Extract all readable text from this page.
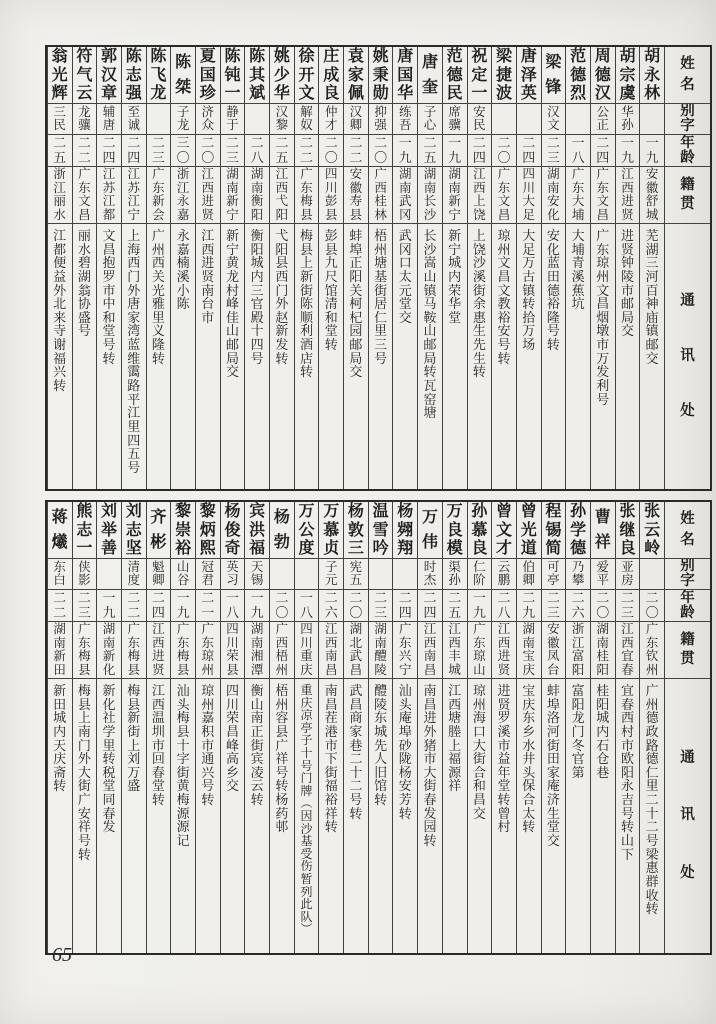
姓
名
别
字
年
龄
籍
贯
通
讯
处
胡
永
林
一
九
安
徽
舒
城
芜
湖
三
河
百
神
庙
镇
邮
交
胡
宗
虞
华
孙
一
九
江
西
进
贤
进
贤
钟
陵
市
邮
局
交
周
德
汉
公
正
二
四
广
东
文
昌
广
东
琼
州
文
昌
烟
墩
市
万
发
利
号
范
德
烈
一
八
广
东
大
埔
大
埔
青
溪
蕉
坑
梁
锋
汉
文
二
三
湖
南
安
化
安
化
蓝
田
德
裕
隆
号
转
唐
泽
英
二
四
四
川
大
足
大
足
万
古
镇
转
拾
万
场
梁
捷
波
二
〇
广
东
文
昌
琼
州
文
昌
文
教
裕
安
号
转
祝
定
一
安
民
二
四
江
西
上
饶
上
饶
沙
溪
街
余
惠
生
先
生
转
范
德
民
席
骥
一
九
湖
南
新
宁
新
宁
城
内
荣
华
堂
唐
奎
子
心
二
五
湖
南
长
沙
长
沙
嵩
山
镇
马
鞍
山
邮
局
转
瓦
窑
塘
唐
国
华
练
吾
一
九
湖
南
武
冈
武
冈
口
太
元
堂
交
姚
秉
勋
抑
强
二
〇
广
西
桂
林
梧
州
塘
基
街
居
仁
里
三
号
袁
家
佩
汉
卿
二
二
安
徽
寿
县
蚌
埠
正
阳
关
柯
杞
园
邮
局
交
庄
成
良
仲
才
二
〇
四
川
彭
县
彭
县
九
尺
馆
清
和
堂
转
徐
开
文
解
奴
二
二
广
东
梅
县
梅
县
上
新
街
陈
顺
利
酒
店
转
姚
少
华
汉
黎
二
五
江
西
弋
阳
弋
阳
县
西
门
外
赵
新
发
转
陈
其
斌
二
八
湖
南
衡
阳
衡
阳
城
内
三
官
殿
十
四
号
陈
钝
一
静
于
二
三
湖
南
新
宁
新
宁
黄
龙
村
峰
佳
山
邮
局
交
夏
国
珍
济
众
二
〇
江
西
进
贤
江
西
进
贤
南
台
市
陈
桀
子
龙
三
〇
浙
江
永
嘉
永
嘉
楠
溪
小
陈
陈
飞
龙
二
三
广
东
新
会
广
州
西
关
光
雅
里
义
隆
转
陈
志
强
至
诚
二
四
江
苏
江
宁
上
海
西
门
外
唐
家
湾
蓝
维
霭
路
平
江
里
四
五
号
郭
汉
章
辅
唐
二
四
江
苏
江
都
文
昌
抱
罗
市
中
和
堂
号
转
符
气
云
龙
骧
二
二
广
东
文
昌
丽
水
碧
湖
翁
协
盛
号
翁
光
辉
三
民
二
五
浙
江
丽
水
江
都
便
益
外
北
来
寺
谢
福
兴
转
姓
名
别
字
年
龄
籍
贯
通
讯
处
张
云
岭
二
〇
广
东
钦
州
广
州
德
政
路
德
仁
里
二
十
二
号
梁
惠
群
收
转
张
继
良
亚
房
二
三
江
西
宜
春
宜
春
西
村
市
欧
阳
永
吉
号
转
山
下
曹
祥
爱
平
二
〇
湖
南
桂
阳
桂
阳
城
内
石
仓
巷
孙
学
德
乃
攀
二
六
浙
江
富
阳
富
阳
龙
门
冬
官
第
程
锡
简
可
亭
二
三
安
徽
凤
台
蚌
埠
洛
河
街
田
家
庵
济
生
堂
交
曾
光
道
伯
卿
二
九
湖
南
宝
庆
宝
庆
东
乡
水
井
头
保
合
太
转
曾
文
才
云
鹏
二
八
江
西
进
贤
进
贤
罗
溪
市
益
年
堂
转
曾
村
孙
慕
良
仁
阶
一
九
广
东
琼
山
琼
州
海
口
大
街
合
和
昌
交
万
良
模
渠
孙
二
五
江
西
丰
城
江
西
塘
塍
上
福
源
祥
万
伟
时
杰
二
四
江
西
南
昌
南
昌
进
外
猪
市
大
街
春
发
园
转
杨
翙
翔
二
四
广
东
兴
宁
汕
头
庵
埠
砂
陇
杨
安
芳
转
温
雪
吟
二
三
湖
南
醴
陵
醴
陵
东
城
先
人
旧
馆
转
杨
敦
三
宪
五
二
〇
湖
北
武
昌
武
昌
商
家
巷
二
十
二
号
转
万
慕
贞
子
元
二
六
江
西
南
昌
南
昌
茬
港
市
下
街
福
裕
祥
转
万
公
度
一
八
四
川
重
庆
重
庆
凉
亭
子
十
号
门
牌
︵
因
沙
基
受
伤
暂
列
此
队
︶
杨
勃
二
〇
广
西
梧
州
梧
州
容
县
广
祥
号
转
杨
药
邨
宾
洪
福
天
锡
一
九
湖
南
湘
潭
衡
山
南
正
街
宾
凌
云
转
杨
俊
奇
英
习
一
八
四
川
荣
县
四
川
荣
昌
峰
高
乡
交
黎
炳
熙
冠
君
二
一
广
东
琼
州
琼
州
嘉
积
市
通
兴
号
转
黎
崇
裕
山
谷
一
九
广
东
梅
县
汕
头
梅
县
十
字
街
黄
梅
源
源
记
齐
彬
魁
卿
二
四
江
西
进
贤
江
西
温
圳
市
回
春
堂
转
刘
志
坚
清
度
二
二
广
东
梅
县
梅
县
新
街
上
刘
万
盛
刘
举
善
一
九
湖
南
新
化
新
化
社
学
里
转
税
堂
同
春
发
熊
志
一
侠
影
二
三
广
东
梅
县
梅
县
上
南
门
外
大
街
广
安
祥
号
转
蒋
爔
东
白
二
二
湖
南
新
田
新
田
城
内
天
庆
斋
转
65
